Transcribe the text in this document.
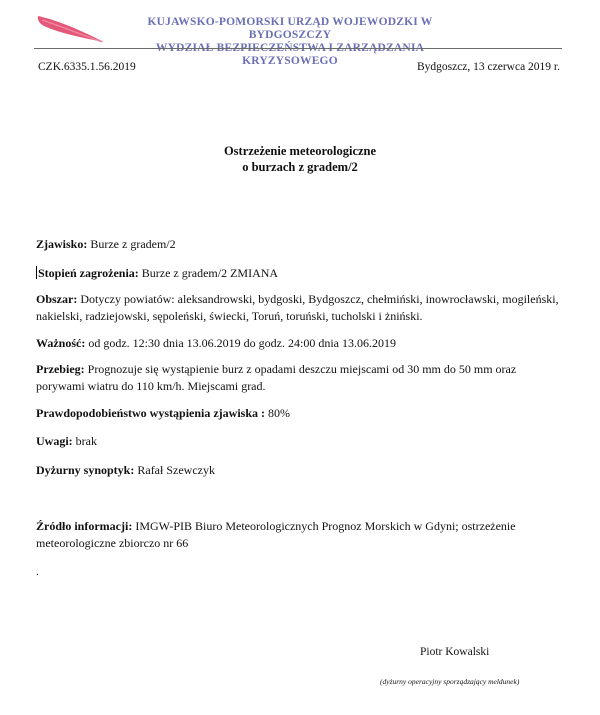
KUJAWSKO-POMORSKI URZĄD WOJEWODZKI W BYDGOSZCZY
WYDZIAŁ BEZPIECZEŃSTWA I ZARZĄDZANIA KRYZYSOWEGO
CZK.6335.1.56.2019	Bydgoszcz, 13 czerwca 2019 r.
Ostrzeżenie meteorologiczne
o burzach z gradem/2
Zjawisko: Burze z gradem/2
Stopień zagrożenia: Burze z gradem/2 ZMIANA
Obszar: Dotyczy powiatów: aleksandrowski, bydgoski, Bydgoszcz, chełmiński, inowrocławski, mogileński, nakielski, radziejowski, sępoleński, świecki, Toruń, toruński, tucholski i żniński.
Ważność: od godz. 12:30 dnia 13.06.2019 do godz. 24:00 dnia 13.06.2019
Przebieg: Prognozuje się wystąpienie burz z opadami deszczu miejscami od 30 mm do 50 mm oraz porywami wiatru do 110 km/h. Miejscami grad.
Prawdopodobieństwo wystąpienia zjawiska : 80%
Uwagi: brak
Dyżurny synoptyk: Rafał Szewczyk
Źródło informacji: IMGW-PIB Biuro Meteorologicznych Prognoz Morskich w Gdyni; ostrzeżenie meteorologiczne zbiorczo nr 66
.
Piotr Kowalski
(dyżurny operacyjny sporządzający meldunek)
